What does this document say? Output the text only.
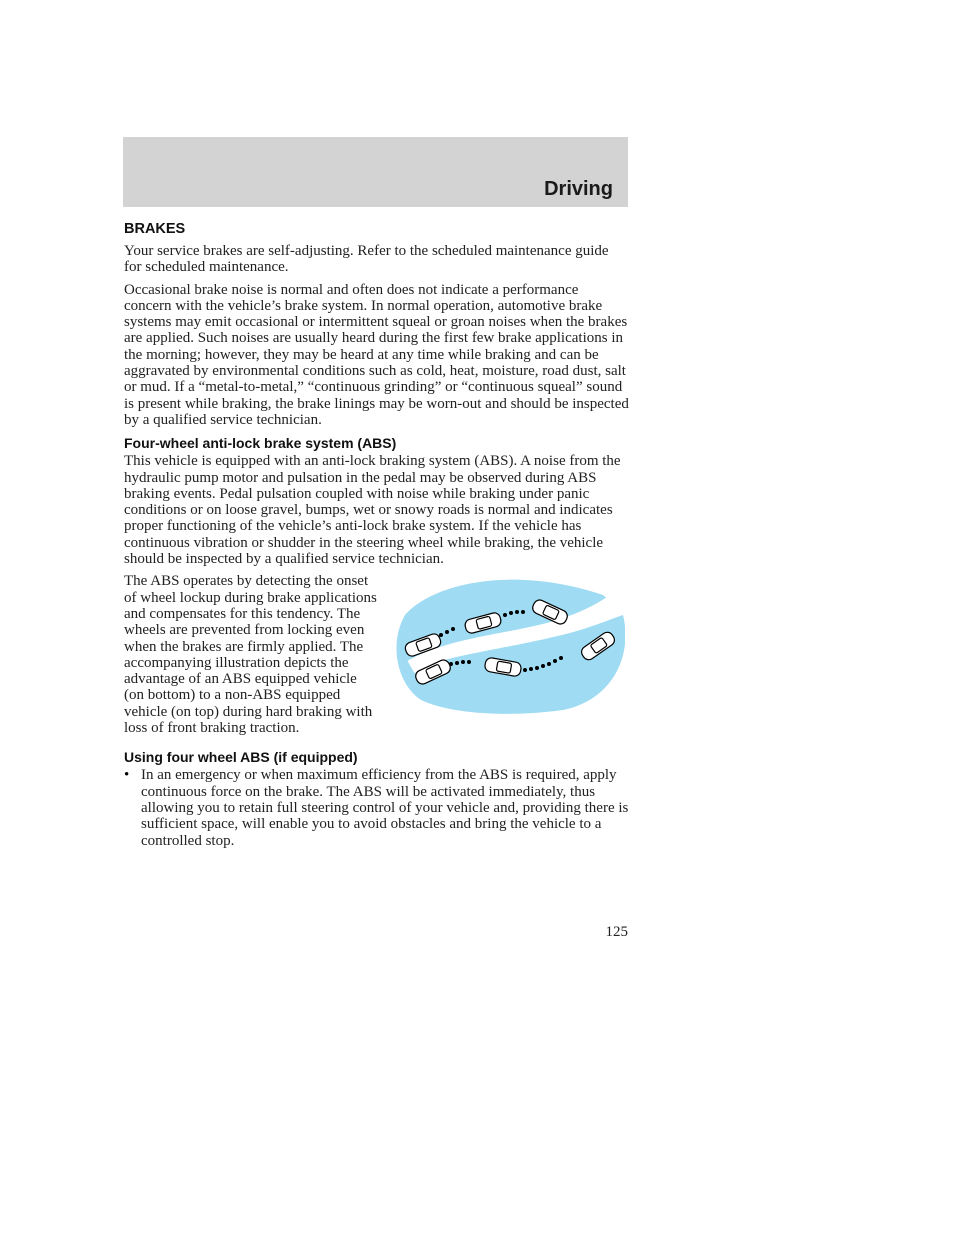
Driving
BRAKES

Your service brakes are self-adjusting. Refer to the scheduled maintenance guide for scheduled maintenance.

Occasional brake noise is normal and often does not indicate a performance concern with the vehicle’s brake system. In normal operation, automotive brake systems may emit occasional or intermittent squeal or groan noises when the brakes are applied. Such noises are usually heard during the first few brake applications in the morning; however, they may be heard at any time while braking and can be aggravated by environmental conditions such as cold, heat, moisture, road dust, salt or mud. If a “metal-to-metal,” “continuous grinding” or “continuous squeal” sound is present while braking, the brake linings may be worn-out and should be inspected by a qualified service technician.

Four-wheel anti-lock brake system (ABS)

This vehicle is equipped with an anti-lock braking system (ABS). A noise from the hydraulic pump motor and pulsation in the pedal may be observed during ABS braking events. Pedal pulsation coupled with noise while braking under panic conditions or on loose gravel, bumps, wet or snowy roads is normal and indicates proper functioning of the vehicle’s anti-lock brake system. If the vehicle has continuous vibration or shudder in the steering wheel while braking, the vehicle should be inspected by a qualified service technician.

The ABS operates by detecting the onset of wheel lockup during brake applications and compensates for this tendency. The wheels are prevented from locking even when the brakes are firmly applied. The accompanying illustration depicts the advantage of an ABS equipped vehicle (on bottom) to a non-ABS equipped vehicle (on top) during hard braking with loss of front braking traction.

Using four wheel ABS (if equipped)
• In an emergency or when maximum efficiency from the ABS is required, apply continuous force on the brake. The ABS will be activated immediately, thus allowing you to retain full steering control of your vehicle and, providing there is sufficient space, will enable you to avoid obstacles and bring the vehicle to a controlled stop.
125
